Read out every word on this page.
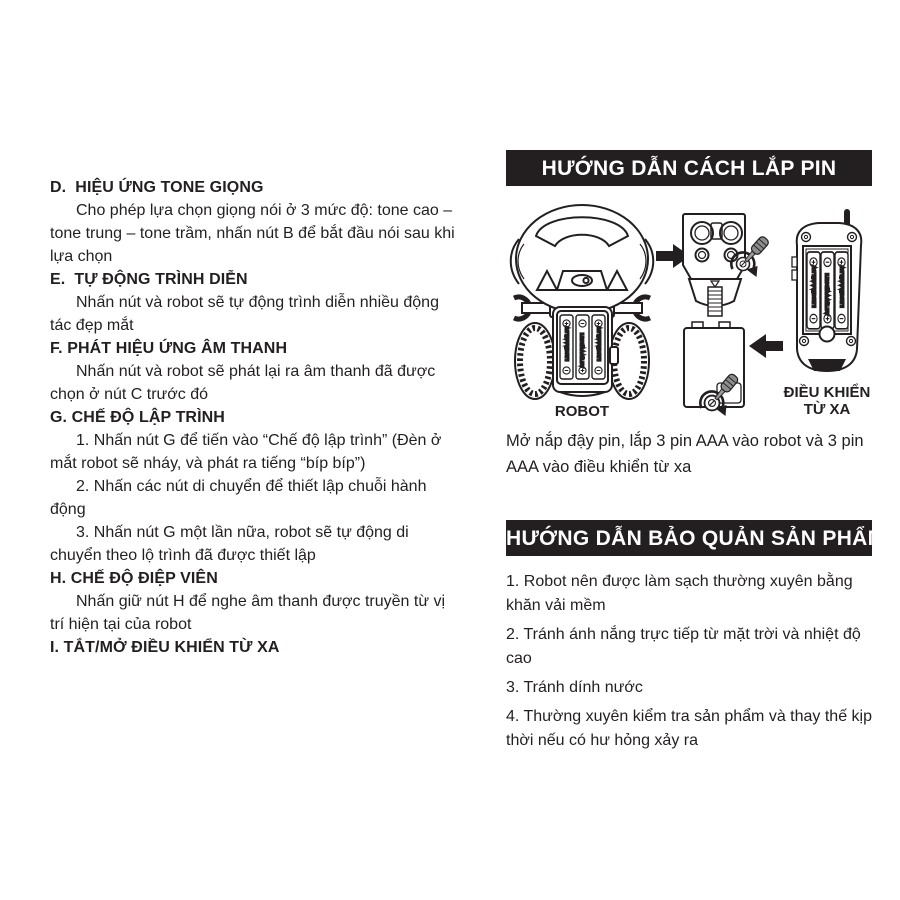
D.  HIỆU ỨNG TONE GIỌNG

Cho phép lựa chọn giọng nói ở 3 mức độ: tone cao – tone trung – tone trầm, nhấn nút B để bắt đầu nói sau khi lựa chọn

E.  TỰ ĐỘNG TRÌNH DIỄN

Nhấn nút và robot sẽ tự động trình diễn nhiều động tác đẹp mắt

F. PHÁT HIỆU ỨNG ÂM THANH

Nhấn nút và robot sẽ phát lại ra âm thanh đã được chọn ở nút C trước đó

G. CHẾ ĐỘ LẬP TRÌNH

1. Nhấn nút G để tiến vào “Chế độ lập trình” (Đèn ở mắt robot sẽ nháy, và phát ra tiếng “bíp bíp”)

2. Nhấn các nút di chuyển để thiết lập chuỗi hành động

3. Nhấn nút G một lần nữa, robot sẽ tự động di chuyển theo lộ trình đã được thiết lập

H. CHẾ ĐỘ ĐIỆP VIÊN

Nhấn giữ nút H để nghe âm thanh được truyền từ vị trí hiện tại của robot

I. TẮT/MỞ ĐIỀU KHIỂN TỪ XA

HƯỚNG DẪN CÁCH LẮP PIN
LR03/AAA/1.5V
ROBOT
ĐIỀU KHIỂN
TỪ XA

Mở nắp đậy pin, lắp 3 pin AAA vào robot và 3 pin AAA vào điều khiển từ xa

HƯỚNG DẪN BẢO QUẢN SẢN PHẨM

1. Robot nên được làm sạch thường xuyên bằng khăn vải mềm

2. Tránh ánh nắng trực tiếp từ mặt trời và nhiệt độ cao

3. Tránh dính nước

4. Thường xuyên kiểm tra sản phẩm và thay thế kịp thời nếu có hư hỏng xảy ra
